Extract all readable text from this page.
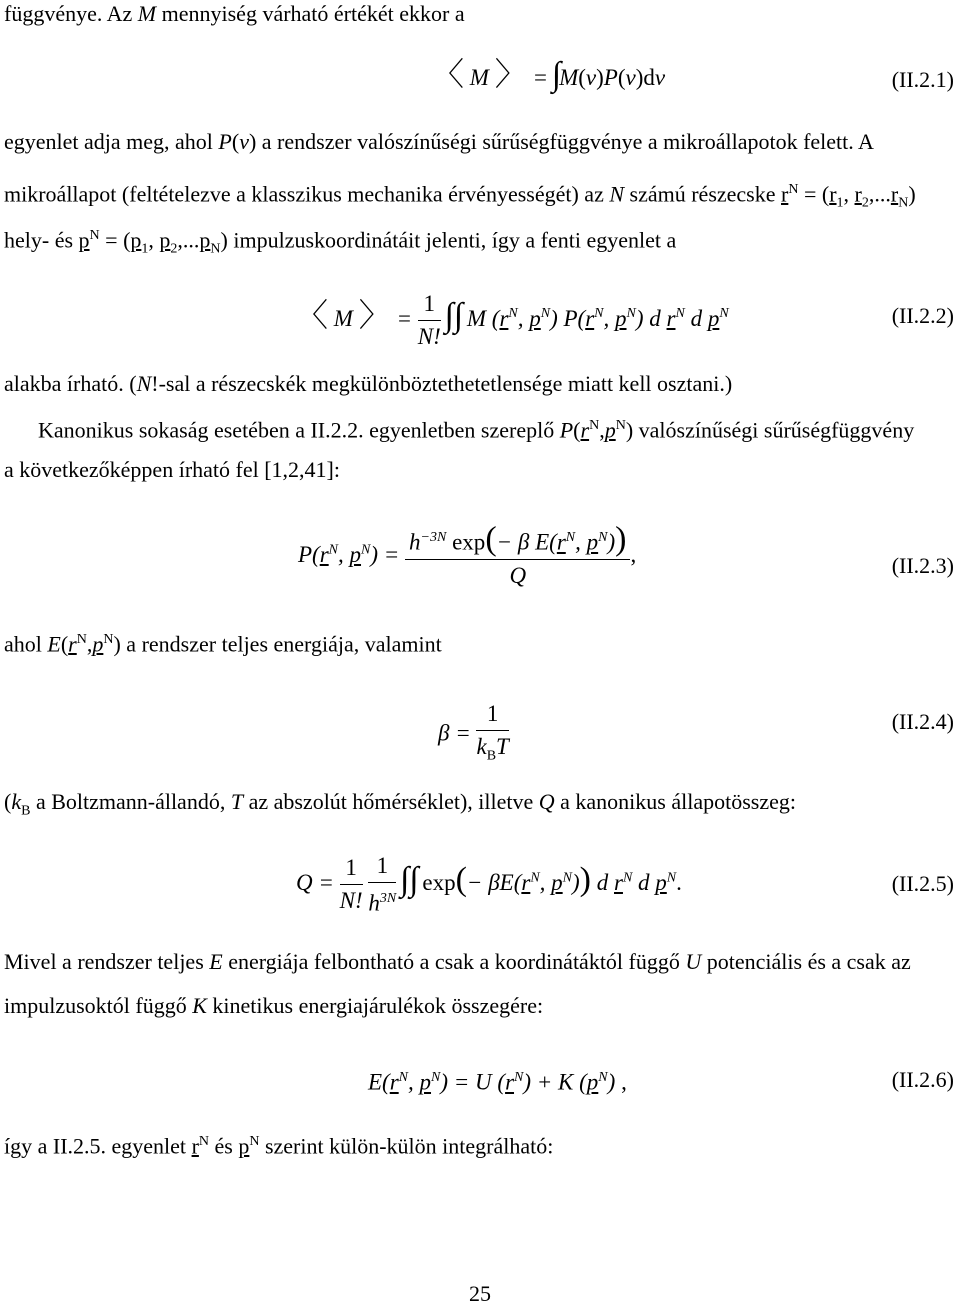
függvénye. Az M mennyiség várható értékét ekkor a
〈 M 〉 = ∫M(ν)P(ν)dν	(II.2.1)
egyenlet adja meg, ahol P(ν) a rendszer valószínűségi sűrűségfüggvénye a mikroállapotok felett. A
mikroállapot (feltételezve a klasszikus mechanika érvényességét) az N számú részecske $r^N = (r_1$, $r_2,...r_N$)
hely- és $p^N = (p_1$, $p_2,...p_N$) impulzuskoordinátáit jelenti, így a fenti egyenlet a
〈 M 〉 = $\frac{1}{N!}$ ∫∫ M ($r^N$, $p^N$) $P(r^N$, $p^N$) d $r^N$ d $p^N$	(II.2.2)
alakba írható. (N!-sal a részecskék megkülönböztethetetlensége miatt kell osztani.)
Kanonikus sokaság esetében a II.2.2. egyenletben szereplő $P(r^N,p^N)$ valószínűségi sűrűségfüggvény
a következőképpen írható fel [1,2,41]:
$P(r^N$, $p^N) = \frac{h^{-3N} \exp(- \beta E(r^N, p^N))}{Q}$ ,	(II.2.3)
ahol $E(r^N,p^N)$ a rendszer teljes energiája, valamint
$\beta = \frac{1}{k_BT}$	(II.2.4)
($k_B$ a Boltzmann-állandó, T az abszolút hőmérséklet), illetve Q a kanonikus állapotösszeg:
$Q = \frac{1}{N!}$
$\frac{1}{h^{3N}}$ ∫∫ $\exp(- \beta E(r^N$, $p^N$)) d $r^N$ d $p^N$.	(II.2.5)
Mivel a rendszer teljes E energiája felbontható a csak a koordinátáktól függő U potenciális és a csak az
impulzusoktól függő K kinetikus energiajárulékok összegére:
$E(r^N$, $p^N) = U$ $(r^N) + K$ $(p^N)$ ,	(II.2.6)
így a II.2.5. egyenlet $r^N$ és $p^N$ szerint külön-külön integrálható:
25
